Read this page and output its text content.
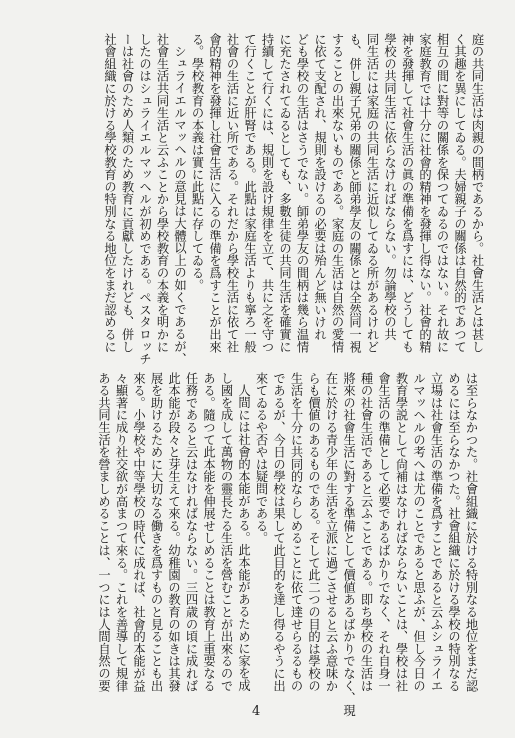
庭の共同生活は肉親の間柄であるから。社會生活とは甚し
く其趣を異にしてゐる。夫婦親子の關係は自然的であつて
相互の間に對等の關係を保つてゐるのではない。それ故に
家庭教育では十分に社會的精神を發揮し得ない。社會的精
神を發揮して社會生活の眞の準備を爲すには、どうしても
學校の共同生活に依らなければならない。勿論學校の共
同生活には家庭の共同生活に近似してゐる所があるけれど
も、併し親子兄弟の關係と師弟學友の關係とは全然同一視
することの出來ないものである。家庭の生活は自然の愛情
に依て支配され、規則を設けるの必要は殆んど無いけれ
ども學校の生活はさうでない。師弟學友の間柄は幾ら温情
に充たされてゐるとしても、多數生徒の共同生活を確實に
持續して行くには、規則を設け規律を立て、共に之を守つ
て行くことが肝腎である。此點は家庭生活よりも寧ろ一般
社會の生活に近い所である。それだから學校生活に依て社
會的精神を發揮し社會生活に入るの準備を爲すことが出來
る。學校教育の本義は實に此點に存してゐる。
シュライエルマッヘルの意見は大體以上の如くであるが、
社會生活共同生活と云ふことから學校教育の本義を明かに
したのはシュライエルマッヘルが初めである。ペスタロッチ
ーは社會のため人類のため教育に貢獻したけれども、併し
社會組織に於ける學校教育の特別なる地位をまだ認めるに
は至らなかつた。社會組織に於ける特別なる地位をまだ認
めるには至らなかつた。社會組織に於ける學校の特別なる
立場は社會生活の準備を爲すことであると云ふシュライエ
ルマッヘルの考へは尤のことであると思ふが、但し今日の
教育學説として尙補はなければならないことは、學校は社
會生活の準備として必要であるばかりでなく、それ自身一
種の社會生活であると云ふことである。即ち學校の生活は
將來の社會生活に對する準備として價値あるばかりでなく、現
在に於ける青少年の生活を立派に過ごさせると云ふ意味か
らも價値のあるものである。そして此二つの目的は學校の
生活を十分に共同的ならしめることに依て達せらるるもの
であるが、今日の學校は果して此目的を達し得るやうに出
來てゐるや否やは疑問である。
人間には社會的本能がある。此本能があるために家を成
し國を成して萬物の靈長たる生活を營むことが出來るので
ある。隨つて此本能を伸展せしめることは教育上重要なる
任務であると云はなければならない。三四歳の頃に成れば
此本能が段々と芽生えて來る。幼稚園の教育の如きは其發
展を助けるために大切なる働きを爲すものと見ることも出
來る。小學校や中等學校の時代に成れば、社會的本能が益
々顯著に成り社交欲が高まつて來る。これを善導して規律
ある共同生活を營ましめることは、一つには人間自然の要
4
